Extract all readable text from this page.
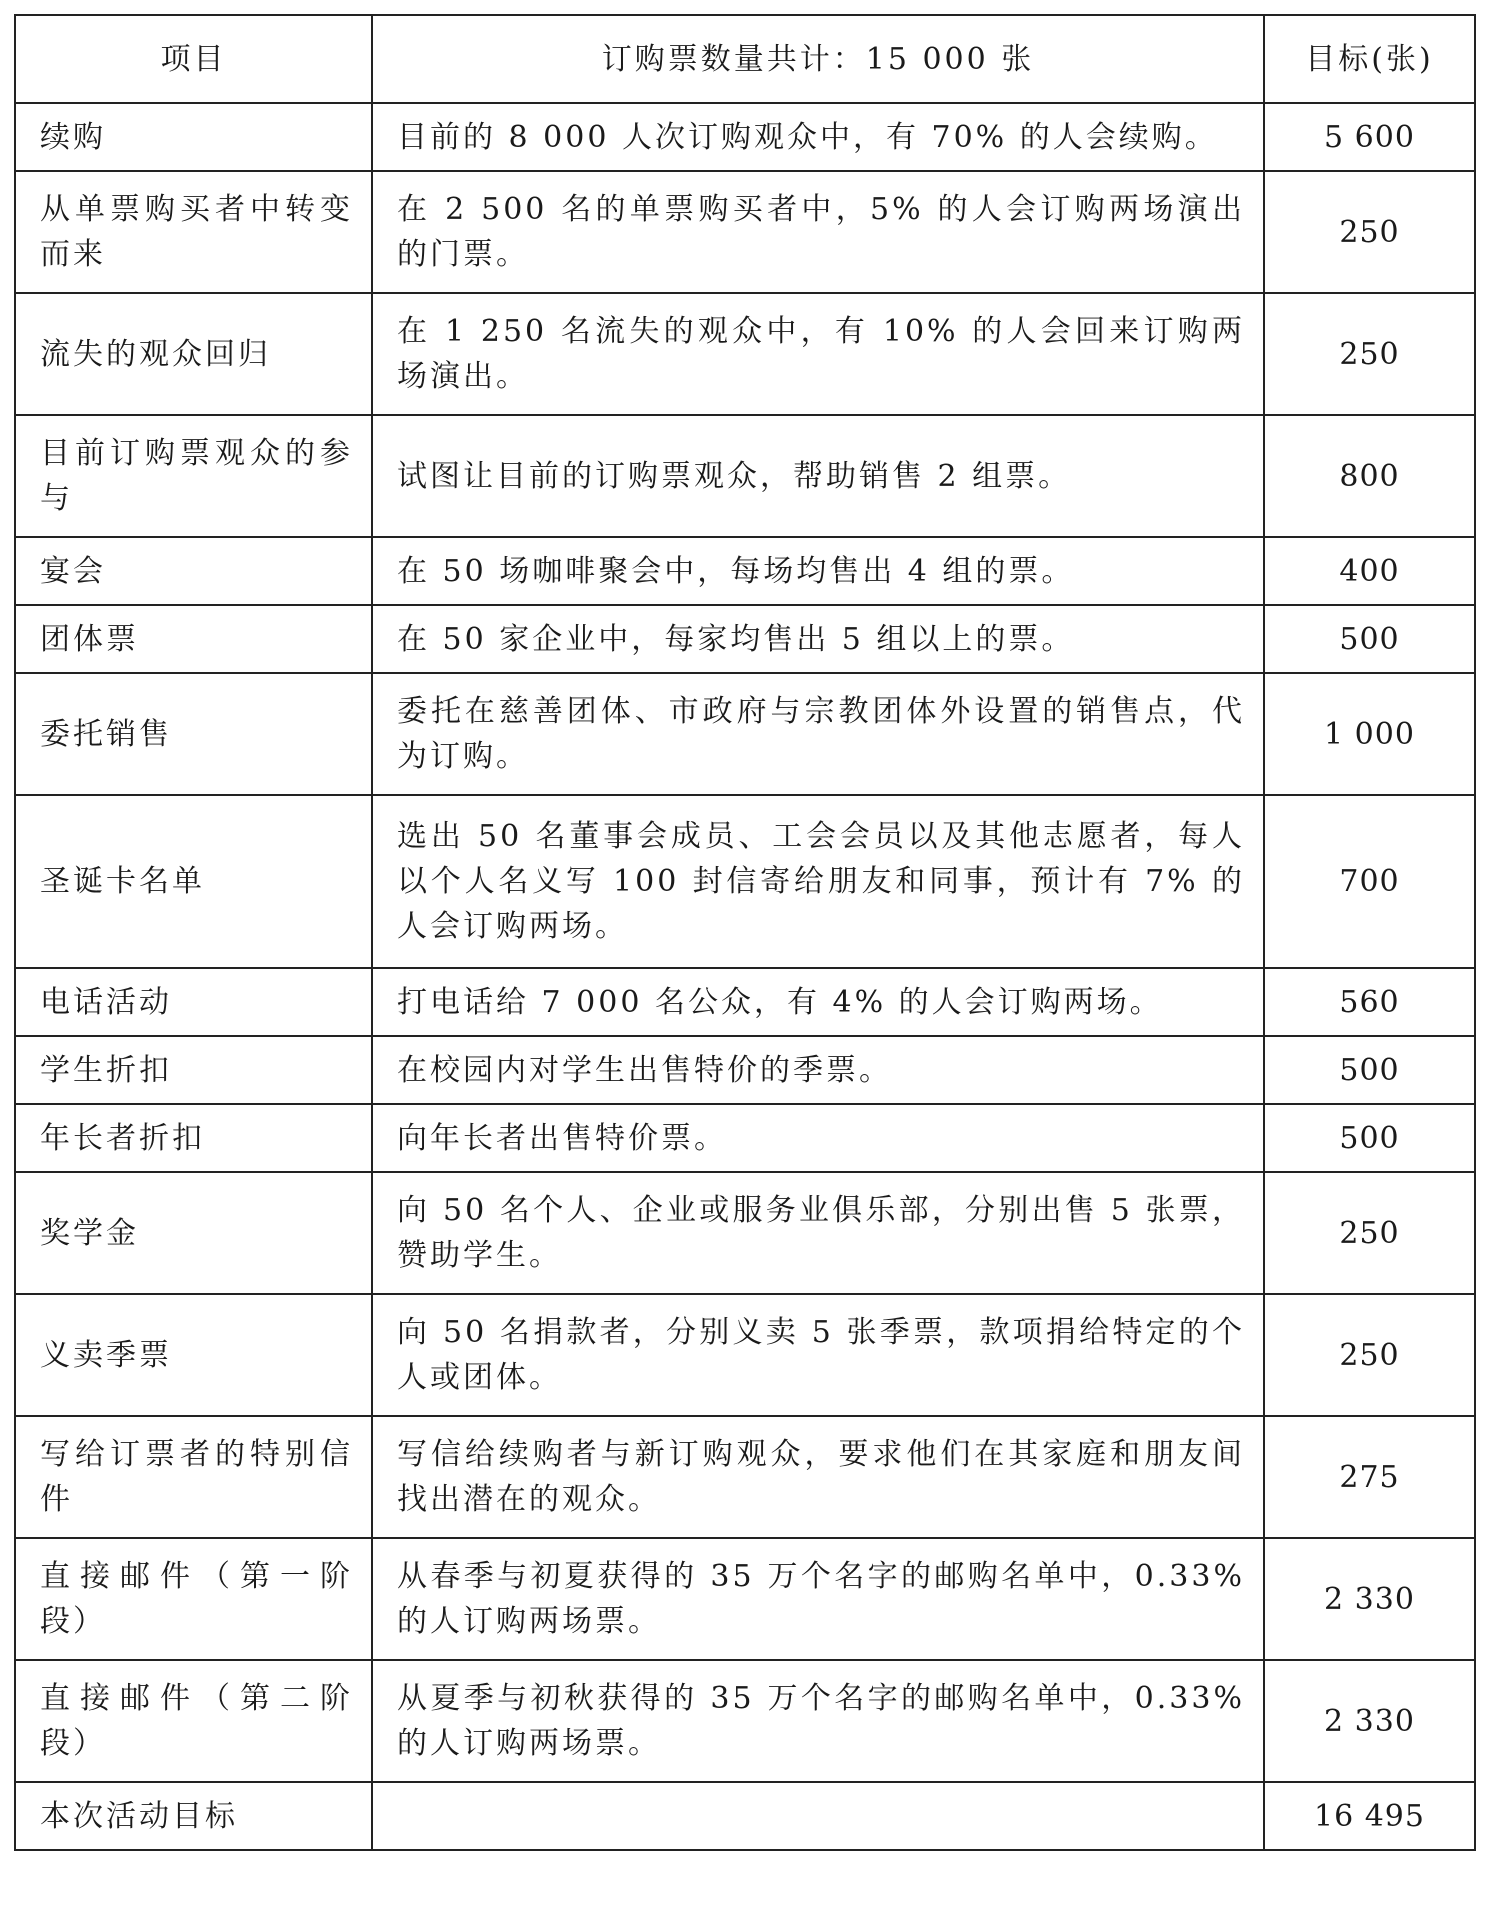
项目	订购票数量共计：15 000 张	目标(张)
续购	目前的 8 000 人次订购观众中，有 70% 的人会续购。	5 600
从单票购买者中转变而来	在 2 500 名的单票购买者中，5% 的人会订购两场演出的门票。	250
流失的观众回归	在 1 250 名流失的观众中，有 10% 的人会回来订购两场演出。	250
目前订购票观众的参与	试图让目前的订购票观众，帮助销售 2 组票。	800
宴会	在 50 场咖啡聚会中，每场均售出 4 组的票。	400
团体票	在 50 家企业中，每家均售出 5 组以上的票。	500
委托销售	委托在慈善团体、市政府与宗教团体外设置的销售点，代为订购。	1 000
圣诞卡名单	选出 50 名董事会成员、工会会员以及其他志愿者，每人以个人名义写 100 封信寄给朋友和同事，预计有 7% 的人会订购两场。	700
电话活动	打电话给 7 000 名公众，有 4% 的人会订购两场。	560
学生折扣	在校园内对学生出售特价的季票。	500
年长者折扣	向年长者出售特价票。	500
奖学金	向 50 名个人、企业或服务业俱乐部，分别出售 5 张票，赞助学生。	250
义卖季票	向 50 名捐款者，分别义卖 5 张季票，款项捐给特定的个人或团体。	250
写给订票者的特别信件	写信给续购者与新订购观众，要求他们在其家庭和朋友间找出潜在的观众。	275
直接邮件（第一阶段）	从春季与初夏获得的 35 万个名字的邮购名单中，0.33% 的人订购两场票。	2 330
直接邮件（第二阶段）	从夏季与初秋获得的 35 万个名字的邮购名单中，0.33% 的人订购两场票。	2 330
本次活动目标		16 495
